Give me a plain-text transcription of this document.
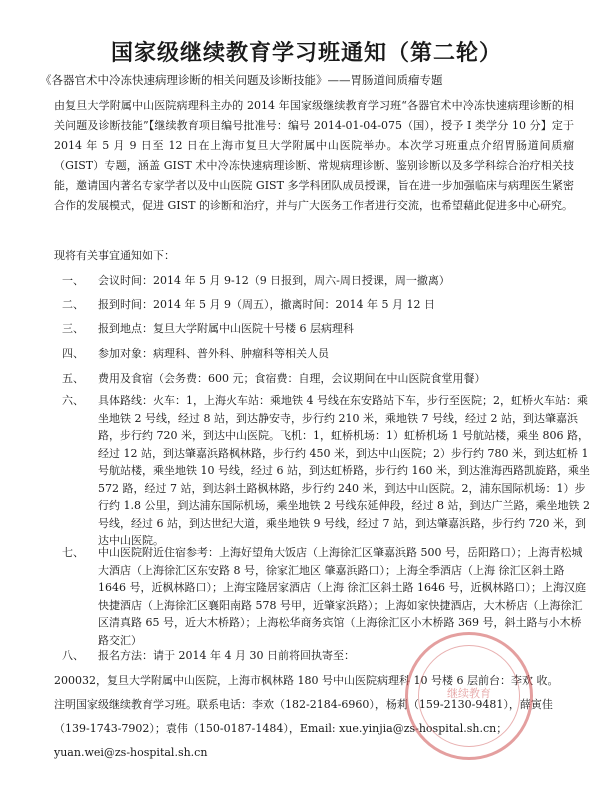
国家级继续教育学习班通知（第二轮）

《各器官术中冷冻快速病理诊断的相关问题及诊断技能》——胃肠道间质瘤专题

由复旦大学附属中山医院病理科主办的 2014 年国家级继续教育学习班“各器官术中冷冻快速病理诊断的相关问题及诊断技能”【继续教育项目编号批准号：编号 2014-01-04-075（国），授予 I 类学分 10 分】定于 2014 年 5 月 9 日至 12 日在上海市复旦大学附属中山医院举办。本次学习班重点介绍胃肠道间质瘤（GIST）专题，涵盖 GIST 术中冷冻快速病理诊断、常规病理诊断、鉴别诊断以及多学科综合治疗相关技能，邀请国内著名专家学者以及中山医院 GIST 多学科团队成员授课，旨在进一步加强临床与病理医生紧密合作的发展模式，促进 GIST 的诊断和治疗，并与广大医务工作者进行交流，也希望藉此促进多中心研究。

现将有关事宜通知如下：

一、	会议时间：2014 年 5 月 9-12（9 日报到，周六-周日授课，周一撤离）
二、	报到时间：2014 年 5 月 9（周五），撤离时间：2014 年 5 月 12 日
三、	报到地点：复旦大学附属中山医院十号楼 6 层病理科
四、	参加对象：病理科、普外科、肿瘤科等相关人员
五、	费用及食宿（会务费：600 元；食宿费：自理，会议期间在中山医院食堂用餐）
六、	具体路线：火车：1，上海火车站：乘地铁 4 号线在东安路站下车，步行至医院；2，虹桥火车站：乘坐地铁 2 号线，经过 8 站，到达静安寺，步行约 210 米，乘地铁 7 号线，经过 2 站，到达肇嘉浜路，步行约 720 米，到达中山医院。飞机：1，虹桥机场：1）虹桥机场 1 号航站楼，乘坐 806 路，经过 12 站，到达肇嘉浜路枫林路，步行约 450 米，到达中山医院；2）步行约 780 米，到达虹桥 1 号航站楼，乘坐地铁 10 号线，经过 6 站，到达虹桥路，步行约 160 米，到达淮海西路凯旋路，乘坐 572 路，经过 7 站，到达斜土路枫林路，步行约 240 米，到达中山医院。2，浦东国际机场：1）步行约 1.8 公里，到达浦东国际机场，乘坐地铁 2 号线东延伸段，经过 8 站，到达广兰路，乘坐地铁 2 号线，经过 6 站，到达世纪大道，乘坐地铁 9 号线，经过 7 站，到达肇嘉浜路，步行约 720 米，到达中山医院。
七、	中山医院附近住宿参考：上海好望角大饭店（上海徐汇区肇嘉浜路 500 号，岳阳路口）；上海青松城大酒店（上海徐汇区东安路 8 号，徐家汇地区 肇嘉浜路口）；上海全季酒店（上海 徐汇区斜土路 1646 号，近枫林路口）；上海宝隆居家酒店（上海 徐汇区斜土路 1646 号，近枫林路口）；上海汉庭快捷酒店（上海徐汇区襄阳南路 578 号甲，近肇家浜路）；上海如家快捷酒店，大木桥店（上海徐汇区清真路 65 号，近大木桥路）；上海松华商务宾馆（上海徐汇区小木桥路 369 号，斜土路与小木桥路交汇）
八、	报名方法：请于 2014 年 4 月 30 日前将回执寄至：
200032，复旦大学附属中山医院，上海市枫林路 180 号中山医院病理科 10 号楼 6 层前台：李欢 收。
注明国家级继续教育学习班。联系电话：李欢（182-2184-6960），杨莉（159-2130-9481），薛寅佳
（139-1743-7902）；袁伟（150-0187-1484），Email: xue.yinjia@zs-hospital.sh.cn；
yuan.wei@zs-hospital.sh.cn
继续教育
